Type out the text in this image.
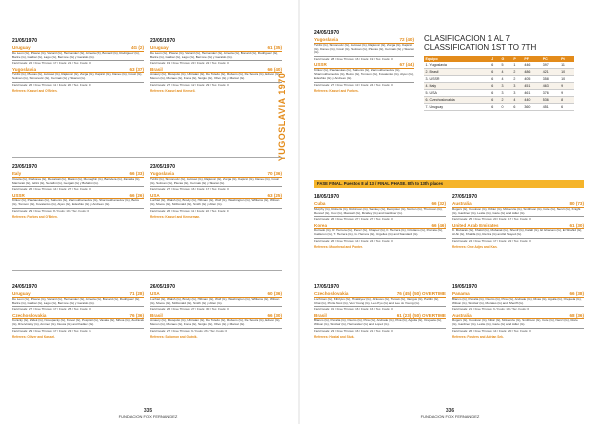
YUGOSLAVIA 1970
21/05/1970
Uruguay	4G (2)
De Leon (G), Pisano (G), Varonil (G), Hernandez (G), Arreola (K), Bonard (G), Rodriguez (G), Bartre (G), Gaibar (G), Lago (G), Berrone (G) y Geraldo (G).
Field Goals: 22 / Free Throws: 17 / Fouls: 21 / Tec. Fouls: 0
Yugoslavia	63 (37)
Tvrdic (G), Plecas (G), Jelovac (G), Rajkovic (G), Zorga (G), Kapicic (G), Daneu (G), Cosic (G), Solman (G), Simonovic (G), Cermak (G) y Skansi (G).
Field Goals: 26 / Free Throws: 11 / Fouls: 20 / Tec. Fouls: 0
Referees: Kassel and O'Brien.
23/05/1970
Uruguay	61 (35)
De Leon (G), Pisano (G), Varonil (G), Hernandez (G), Arreola (G), Bonard (G), Rodriguez (G), Bartre (G), Gaibar (G), Lago (G), Berrone (G) y Geraldo (G).
Field Goals: 19 / Free Throws: 23 / Fouls: 22 / Tec. Fouls: 0
Brasil	66 (40)
Amaury (G), Mosquito (G), Ubiratan (G), De Toledo (G), Rubens (G), De Souza (G), Edson (G), Menon (G), Moraes (G), Fona (G), Sérgio (G), Olivo (G) y Marcel (G).
Field Goals: 27 / Free Throws: 12 / Fouls: 29 / Tec. Fouls: 0
Referees: Kassel and Kenseli.
24/05/1970
Yugoslavia	72 (40)
Tvrdic (G), Simonovic (G), Jelovac (G), Rajkovic (G), Zorga (G), Kapicic (G), Daneu (G), Cosic (G), Solman (G), Plecas (G), Cermak (G) y Skansi (G).
Field Goals: 28 / Free Throws: 16 / Fouls: 19 / Tec. Fouls: 0
USSR	67 (44)
Krikov (G), Paulauskas (G), Sabonis (G), Zarmukhamedov (G), Sharmukhamedov (G), Belov (G), Tomson (G), Kovalenko (G), Alyev (G), Edeshko (G) y Andreev (G).
Field Goals: 27 / Free Throws: 13 / Fouls: 24 / Tec. Fouls: 0
Referees: Kassel and Forbes.
CLASIFICACION 1 AL 7
CLASSIFICATION 1ST TO 7TH
Equipo	J	G	P	PF	PC	Pt
1. Yugoslavia	6	5	1	446	397	11
2. Brasil	6	4	2	486	421	10
3. USSR	6	4	2	405	358	10
4. Italy	6	3	3	451	463	9
5. USA	6	3	3	461	376	9
6. Czechoslovakia	6	2	4	440	536	8
7. Uruguay	6	0	6	360	451	6
23/05/1970
Italy	66 (33)
Ossola (G), Flaborea (G), Recalcati (G), Masini (G), Meneghin (G), Bariviera (G), Zanatta (G), Marzorati (G), Iellini (G), Serafini (G), Gergati (G) y Bufalini (G).
Field Goals: 26 / Free Throws: 14 / Fouls: 27 / Tec. Fouls: 0
USSR	66 (26)
Krikov (G), Paulauskas (G), Sabonis (G), Zarmukhamedov (G), Sharmukhamedov (G), Belov (G), Tomson (G), Kovalenko (G), Alyev (G), Edeshko (G) y Andreev (G).
Field Goals: 29 / Free Throws: 8 / Fouls: 19 / Tec. Fouls: 0
Referees: Forbes and O'Brien.
23/05/1970
Yugoslavia	70 (36)
Tvrdic (G), Simonovic (G), Jelovac (G), Rajkovic (G), Zorga (G), Kapicic (G), Daneu (G), Cosic (G), Solman (G), Plecas (G), Cermak (G) y Skansi (G).
Field Goals: 27 / Free Throws: 16 / Fouls: 17 / Tec. Fouls: 0
USA	63 (25)
Luchtel (G), Walsh (G), Brody (G), Hillman (G), Wolf (G), Washington (G), Williams (G), Wilson (G), Moore (G), McDonald (G), Smith (G) y Allen (G).
Field Goals: 26 / Free Throws: 11 / Fouls: 22 / Tec. Fouls: 0
Referees: Kassel and Kenseman.
FASE FINAL. Puestos 8 al 13 / FINAL PHASE. 8th to 13th places
18/05/1970
Cuba	66 (32)
Murphy (G), Roberts (G), Robinson (G), Sankey (G), Dempster (G), Norton (G), Thomson (G), Renouf (G), Cox (G), Maxwell (G), Mcalley (G) and Gardiner (G).
Field Goals: 26 / Free Throws: 27 / Fouls: 27 / Tec. Fouls: 0
Korea	66 (46)
Dorrado (G), R. Herrera (G), Perez (G), Chapez (G), F. Herrera (G), Cristiano (G), Porrata (G), Calderon (G), T. Herrera (G), G. Herrera (G), Urgelles (G) and Standard (G).
Field Goals: 26 / Free Throws: 14 / Fouls: 24 / Tec. Fouls: 0
Referees: Moorhead and Ponter.
27/05/1970
Australia	80 (73)
Rogers (G), Cookson (G), Kibler (G), Mckenzie (G), Smithson (G), Cole (G), Nenzi (G), Knight (G), Gardiner (G), Leslie (G), Gaze (G) and Adler (G).
Field Goals: 25 / Free Throws: 20 / Fouls: 17 / Tec. Fouls: 0
United Arab Emirates	61 (30)
K. Mubarak (G), Khalid (G), Mubarak (G), Shenif (G), Falah (G), El Ghanam (G), El Shahid (G), Al Ali (G), Khalifa (G), Rezza (G) and El Sayed (G).
Field Goals: 24 / Free Throws: 17 / Fouls: 22 / Tec. Fouls: 0
Referees: One Adjes and Kan.
24/05/1970
Uruguay	71 (28)
De Leon (G), Pisano (G), Varonil (G), Hernandez (G), Arreola (G), Bonard (G), Rodriguez (G), Bartre (G), Gaibar (G), Lago (G), Berrone (G) y Geraldo (G).
Field Goals: 27 / Free Throws: 17 / Fouls: 25 / Tec. Fouls: 0
Czechoslovakia	76 (36)
Konicky (G), Zidek (G), Novopacky (G), Kovar (G), Pospisil (G), Vavala (G), Mrkva (G), Zednicek (G), Rzervinsky (G), Ammer (G), Deuca (G) and Kadlec (G).
Field Goals: 29 / Free Throws: 17 / Fouls: 23 / Tec. Fouls: 1
Referees: Oliver and Kassel.
26/05/1970
USA	60 (36)
Luchtel (G), Walsh (G), Brody (G), Hillman (G), Wolf (G), Washington (G), Williams (G), Wilson (G), Moore (G), McDonald (G), Smith (G) y Allen (G).
Field Goals: 26 / Free Throws: 27 / Fouls: 30 / Tec. Fouls: 0
Brasil	66 (30)
Amaury (G), Mosquito (G), Ubiratan (G), De Toledo (G), Rubens (G), De Souza (G), Edson (G), Menon (G), Moraes (G), Fona (G), Sérgio (G), Olivo (G) y Marcel (G).
Field Goals: 27 / Free Throws: 9 / Fouls: 26 / Tec. Fouls: 0
Referees: Solomon and Gutnik.
17/05/1970
Czechoslovakia	76 (45) (50) OVERTIME
Lochman (G), Kibrlyus (G), Hnatikyev (G), Jirkoves (G), Tuicek (G), Vangus (G), Partlin (G), Chat (G), Pivrle Novi (G), Ven Young (G), Leo Pyo (G) and Lee Jo Young (G).
Field Goals: 31 / Free Throws: 16 / Fouls: 16 / Tec. Fouls: 0
Brasil	61 (23) (50) OVERTIME
Blanco (G), Peralta (G), Osorio (G), Pina (G), Andrade (G), Pina (G), Aguila (G), Orejuela (G), Wilson (G), Sinclair (G), Hernandez (G) and Lopez (G).
Field Goals: 23 / Free Throws: 16 / Fouls: 21 / Tec. Fouls: 0
Referees: Hostal and Stuk.
19/05/1970
Panama	66 (38)
Blanco (G), Peralta (G), Osorio (G), Pina (G), Andrade (G), Rivas (G), Aguila (G), Orejuela (G), Wilson (G), Sinclair (G), Morales (G) and Sheriff (G).
Field Goals: 21 / Free Throws: 6 / Fouls: 19 / Tec. Fouls: 0
Australia	68 (36)
Rogers (G), Cookson (G), Nikic (G), Mckenzie (G), Smithson (G), Cole (G), Nenzi (G), Rorie (G), Gardiner (G), Leslie (G), Gaze (G) and Adler (G).
Field Goals: 26 / Free Throws: 14 / Fouls: 20 / Tec. Fouls: 0
Referees: Fosters and Adrian Sek.
335
FUNDACION FOX FERNANDEZ
336
FUNDACION FOX FERNANDEZ
